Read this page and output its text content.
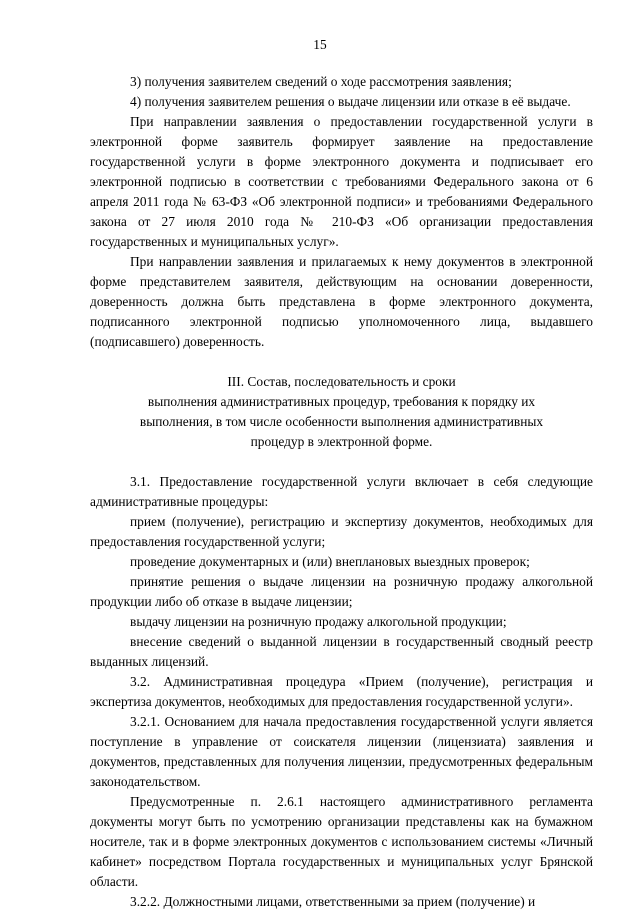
15

3) получения заявителем сведений о ходе рассмотрения заявления;

4) получения заявителем решения о выдаче лицензии или отказе в её выдаче.

При направлении заявления о предоставлении государственной услуги в электронной форме заявитель формирует заявление на предоставление государственной услуги в форме электронного документа и подписывает его электронной подписью в соответствии с требованиями Федерального закона от 6 апреля 2011 года № 63-ФЗ «Об электронной подписи» и требованиями Федерального закона от 27 июля 2010 года № 210-ФЗ «Об организации предоставления государственных и муниципальных услуг».

При направлении заявления и прилагаемых к нему документов в электронной форме представителем заявителя, действующим на основании доверенности, доверенность должна быть представлена в форме электронного документа, подписанного электронной подписью уполномоченного лица, выдавшего (подписавшего) доверенность.

III. Состав, последовательность и сроки
выполнения административных процедур, требования к порядку их
выполнения, в том числе особенности выполнения административных
процедур в электронной форме.

3.1. Предоставление государственной услуги включает в себя следующие административные процедуры:

прием (получение), регистрацию и экспертизу документов, необходимых для предоставления государственной услуги;

проведение документарных и (или) внеплановых выездных проверок;

принятие решения о выдаче лицензии на розничную продажу алкогольной продукции либо об отказе в выдаче лицензии;

выдачу лицензии на розничную продажу алкогольной продукции;

внесение сведений о выданной лицензии в государственный сводный реестр выданных лицензий.

3.2. Административная процедура «Прием (получение), регистрация и экспертиза документов, необходимых для предоставления государственной услуги».

3.2.1. Основанием для начала предоставления государственной услуги является поступление в управление от соискателя лицензии (лицензиата) заявления и документов, представленных для получения лицензии, предусмотренных федеральным законодательством.

Предусмотренные п. 2.6.1 настоящего административного регламента документы могут быть по усмотрению организации представлены как на бумажном носителе, так и в форме электронных документов с использованием системы «Личный кабинет» посредством Портала государственных и муниципальных услуг Брянской области.

3.2.2. Должностными лицами, ответственными за прием (получение) и
